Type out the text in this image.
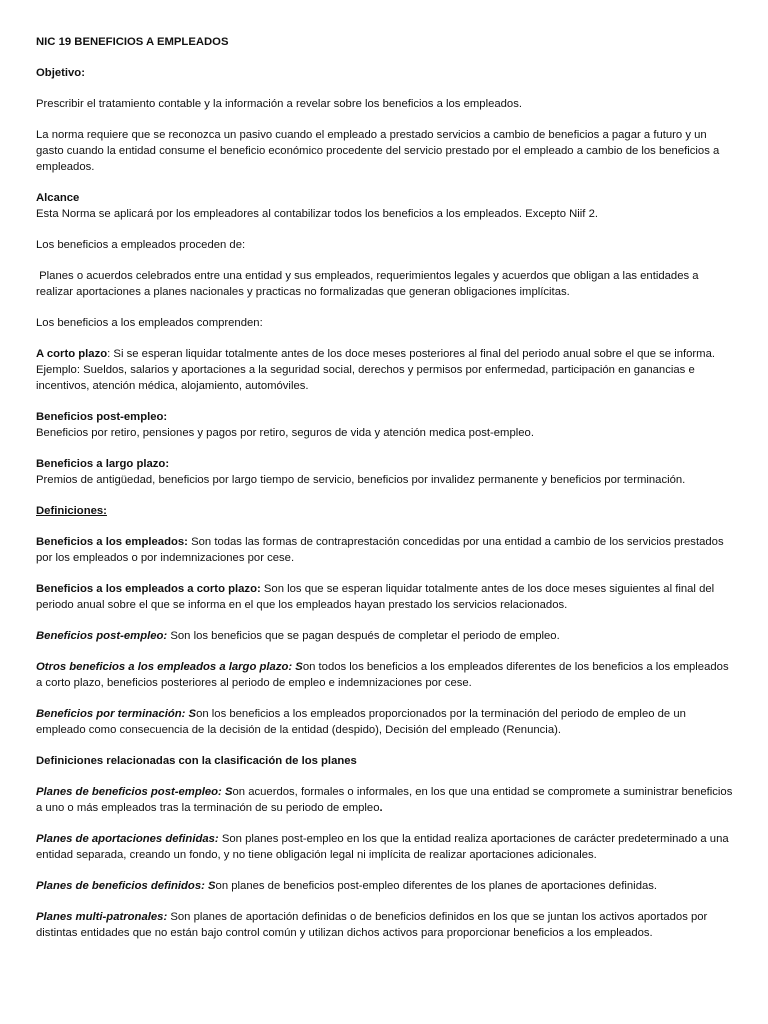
NIC 19 BENEFICIOS A EMPLEADOS

Objetivo:

Prescribir el tratamiento contable y la información a revelar sobre los beneficios a los empleados.

La norma requiere que se reconozca un pasivo cuando el empleado a prestado servicios a cambio de beneficios a pagar a futuro y un gasto cuando la entidad consume el beneficio económico procedente del servicio prestado por el empleado a cambio de los beneficios a empleados.

Alcance
Esta Norma se aplicará por los empleadores al contabilizar todos los beneficios a los empleados. Excepto Niif 2.

Los beneficios a empleados proceden de:

Planes o acuerdos celebrados entre una entidad y sus empleados, requerimientos legales y acuerdos que obligan a las entidades a realizar aportaciones a planes nacionales y practicas no formalizadas que generan obligaciones implícitas.

Los beneficios a los empleados comprenden:

A corto plazo: Si se esperan liquidar totalmente antes de los doce meses posteriores al final del periodo anual sobre el que se informa. Ejemplo: Sueldos, salarios y aportaciones a la seguridad social, derechos y permisos por enfermedad, participación en ganancias e incentivos, atención médica, alojamiento, automóviles.

Beneficios post-empleo:
Beneficios por retiro, pensiones y pagos por retiro, seguros de vida y atención medica post-empleo.
Beneficios a largo plazo:
Premios de antigüedad, beneficios por largo tiempo de servicio, beneficios por invalidez permanente y beneficios por terminación.

Definiciones:

Beneficios a los empleados: Son todas las formas de contraprestación concedidas por una entidad a cambio de los servicios prestados por los empleados o por indemnizaciones por cese.

Beneficios a los empleados a corto plazo: Son los que se esperan liquidar totalmente antes de los doce meses siguientes al final del periodo anual sobre el que se informa en el que los empleados hayan prestado los servicios relacionados.

Beneficios post-empleo: Son los beneficios que se pagan después de completar el periodo de empleo.

Otros beneficios a los empleados a largo plazo: Son todos los beneficios a los empleados diferentes de los beneficios a los empleados a corto plazo, beneficios posteriores al periodo de empleo e indemnizaciones por cese.

Beneficios por terminación: Son los beneficios a los empleados proporcionados por la terminación del periodo de empleo de un empleado como consecuencia de la decisión de la entidad (despido), Decisión del empleado (Renuncia).

Definiciones relacionadas con la clasificación de los planes

Planes de beneficios post-empleo: Son acuerdos, formales o informales, en los que una entidad se compromete a suministrar beneficios a uno o más empleados tras la terminación de su periodo de empleo.

Planes de aportaciones definidas: Son planes post-empleo en los que la entidad realiza aportaciones de carácter predeterminado a una entidad separada, creando un fondo, y no tiene obligación legal ni implícita de realizar aportaciones adicionales.

Planes de beneficios definidos: Son planes de beneficios post-empleo diferentes de los planes de aportaciones definidas.

Planes multi-patronales: Son planes de aportación definidas o de beneficios definidos en los que se juntan los activos aportados por distintas entidades que no están bajo control común y utilizan dichos activos para proporcionar beneficios a los empleados.
